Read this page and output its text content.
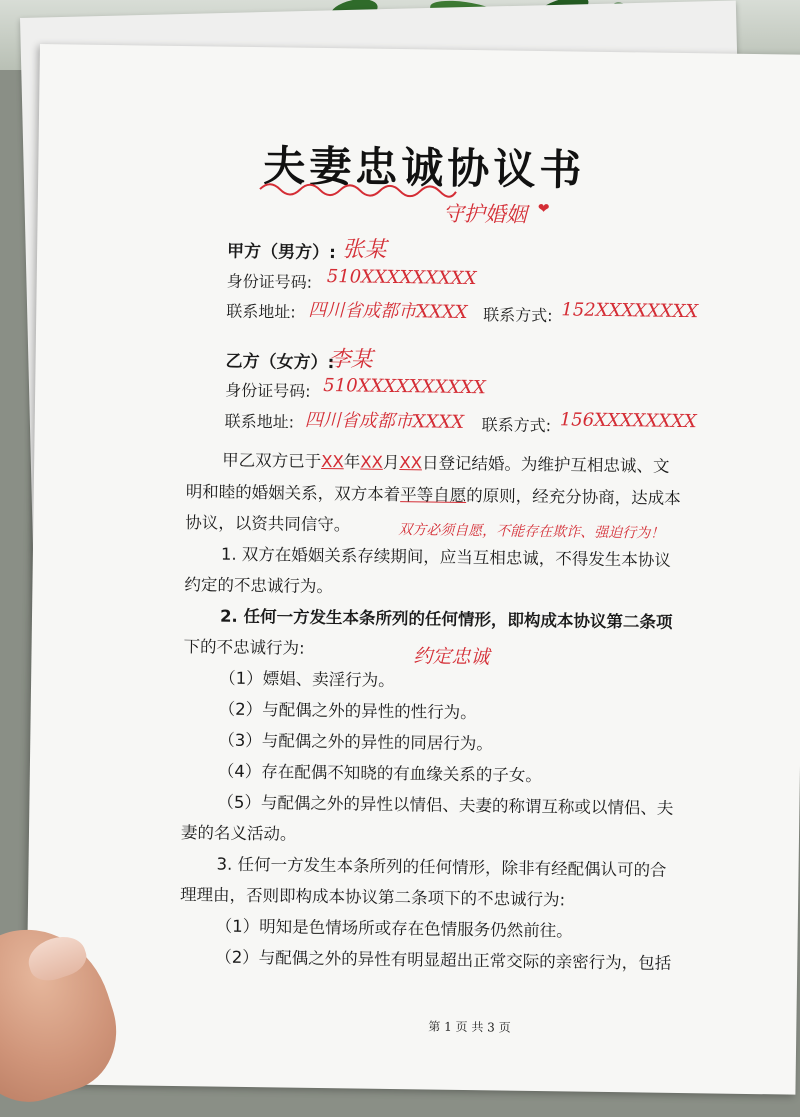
夫妻忠诚协议书
守护婚姻 ❤
甲方（男方）: 张某
身份证号码: 510XXXXXXXXX
联系地址: 四川省成都市XXXX 联系方式: 152XXXXXXXX
乙方（女方）:
李某
身份证号码: 510XXXXXXXXXX
联系地址: 四川省成都市XXXX 联系方式: 156XXXXXXXX
甲乙双方已于XX年XX月XX日登记结婚。为维护互相忠诚、文
明和睦的婚姻关系，双方本着平等自愿的原则，经充分协商，达成本
协议，以资共同信守。	双方必须自愿，不能存在欺诈、强迫行为！
1. 双方在婚姻关系存续期间，应当互相忠诚，不得发生本协议
约定的不忠诚行为。
2. 任何一方发生本条所列的任何情形，即构成本协议第二条项
下的不忠诚行为:
（1）嫖娼、卖淫行为。
约定忠诚
（2）与配偶之外的异性的性行为。
（3）与配偶之外的异性的同居行为。
（4）存在配偶不知晓的有血缘关系的子女。
（5）与配偶之外的异性以情侣、夫妻的称谓互称或以情侣、夫
妻的名义活动。
3. 任何一方发生本条所列的任何情形，除非有经配偶认可的合
理理由，否则即构成本协议第二条项下的不忠诚行为:
（1）明知是色情场所或存在色情服务仍然前往。
（2）与配偶之外的异性有明显超出正常交际的亲密行为，包括
第 1 页 共 3 页
